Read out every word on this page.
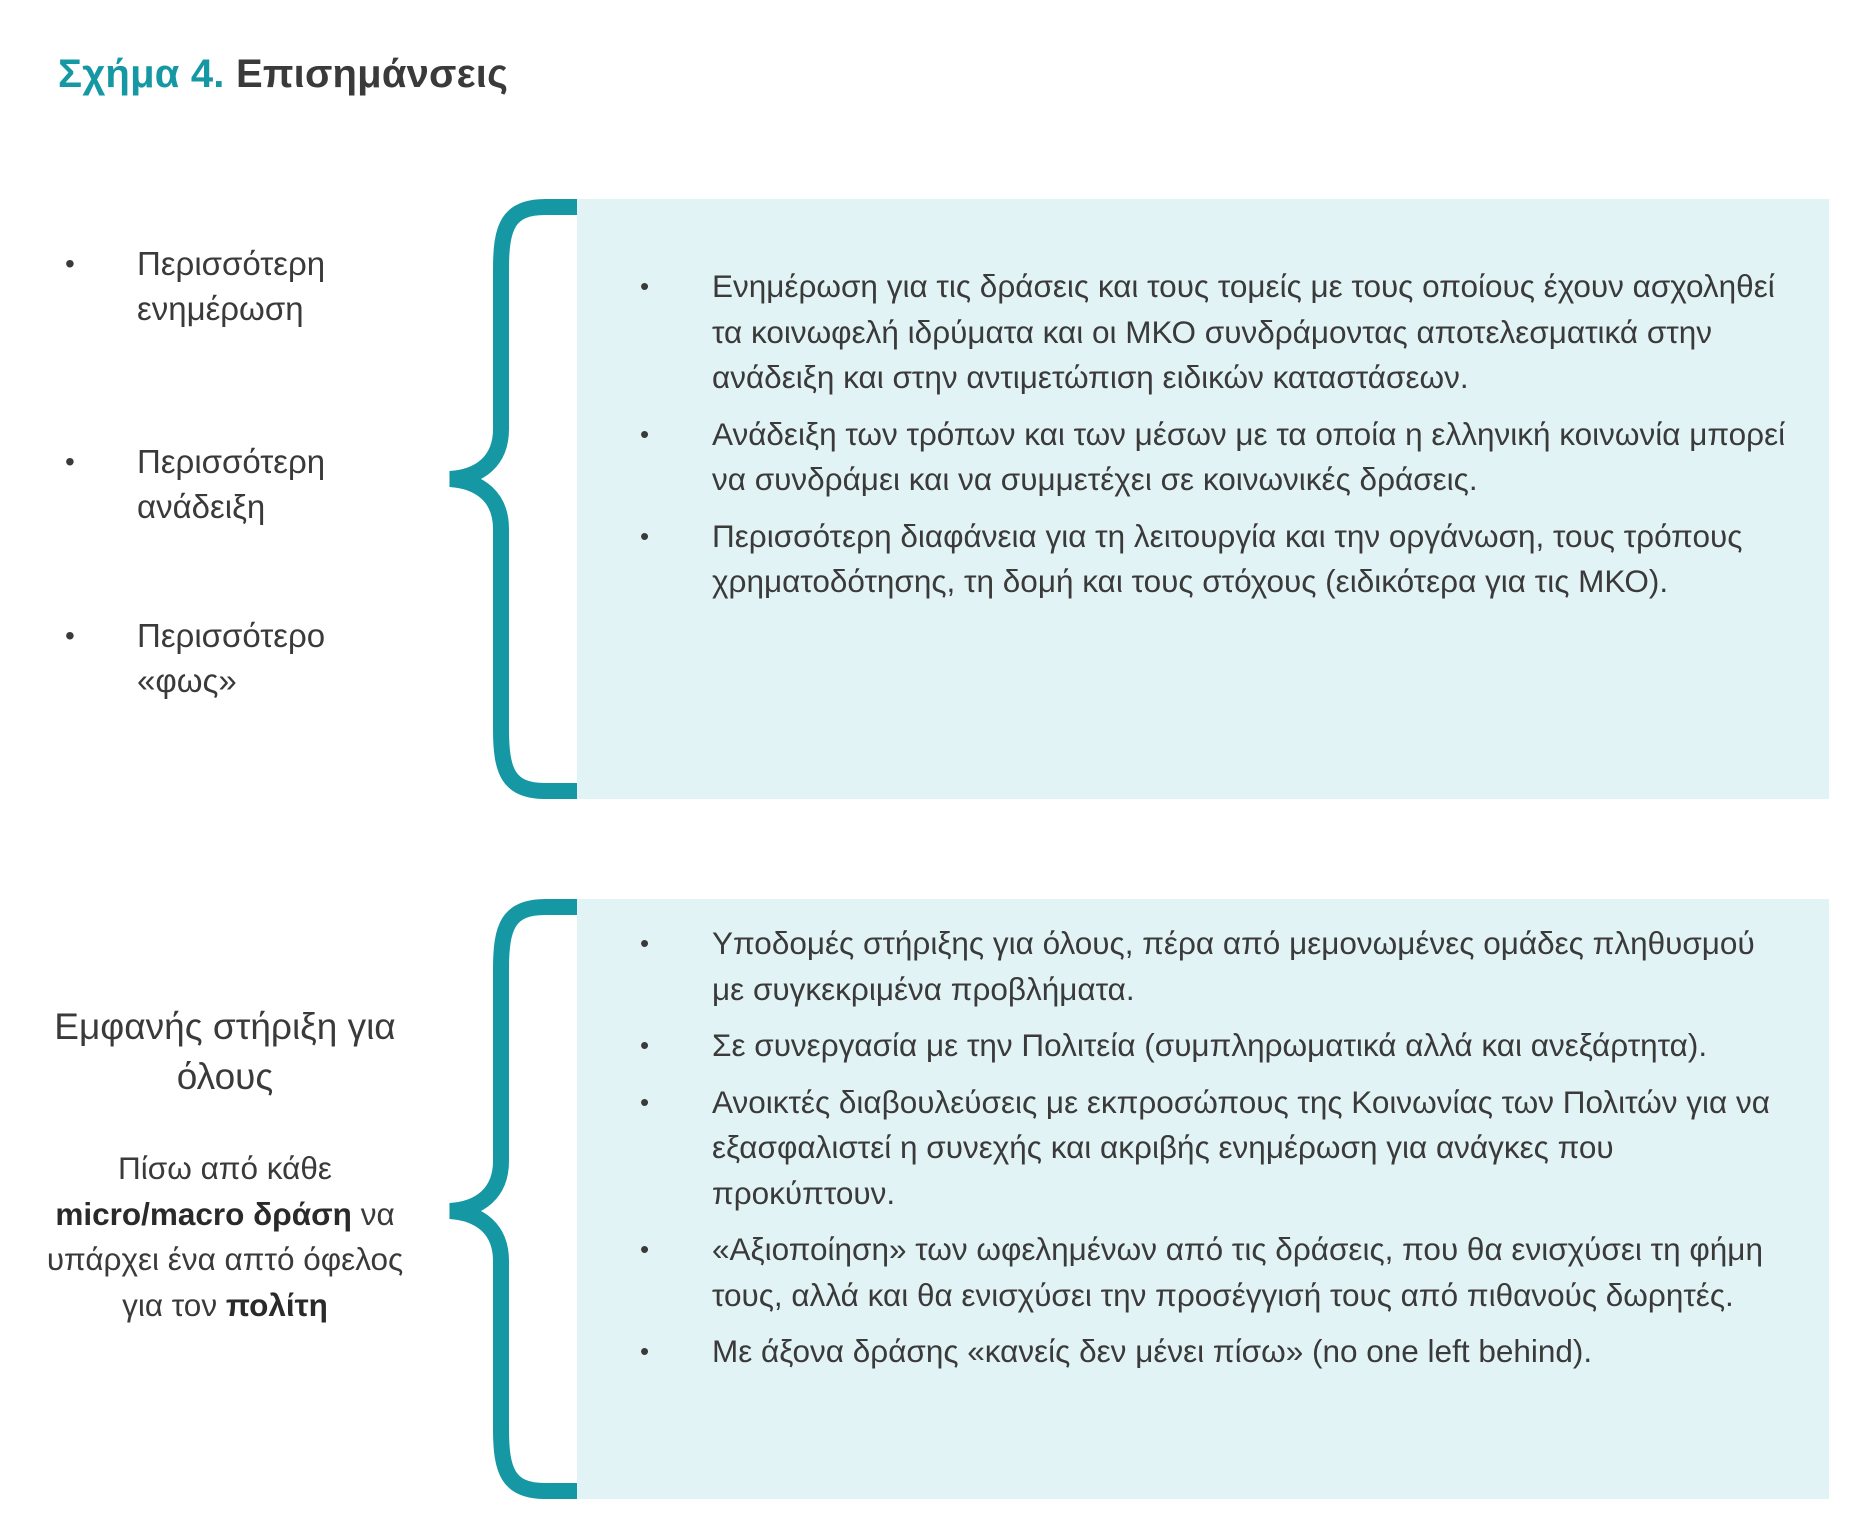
Σχήμα 4. Επισημάνσεις
• Περισσότερη ενημέρωση
• Περισσότερη ανάδειξη
• Περισσότερο «φως»
• Ενημέρωση για τις δράσεις και τους τομείς με τους οποίους έχουν ασχοληθεί τα κοινωφελή ιδρύματα και οι ΜΚΟ συνδράμοντας αποτελεσματικά στην ανάδειξη και στην αντιμετώπιση ειδικών καταστάσεων.
• Ανάδειξη των τρόπων και των μέσων με τα οποία η ελληνική κοινωνία μπορεί να συνδράμει και να συμμετέχει σε κοινωνικές δράσεις.
• Περισσότερη διαφάνεια για τη λειτουργία και την οργάνωση, τους τρόπους χρηματοδότησης, τη δομή και τους στόχους (ειδικότερα για τις ΜΚΟ).
Εμφανής στήριξη για όλους
Πίσω από κάθε micro/macro δράση να υπάρχει ένα απτό όφελος για τον πολίτη
• Υποδομές στήριξης για όλους, πέρα από μεμονωμένες ομάδες πληθυσμού με συγκεκριμένα προβλήματα.
• Σε συνεργασία με την Πολιτεία (συμπληρωματικά αλλά και ανεξάρτητα).
• Ανοικτές διαβουλεύσεις με εκπροσώπους της Κοινωνίας των Πολιτών για να εξασφαλιστεί η συνεχής και ακριβής ενημέρωση για ανάγκες που προκύπτουν.
• «Αξιοποίηση» των ωφελημένων από τις δράσεις, που θα ενισχύσει τη φήμη τους, αλλά και θα ενισχύσει την προσέγγισή τους από πιθανούς δωρητές.
• Με άξονα δράσης «κανείς δεν μένει πίσω» (no one left behind).
